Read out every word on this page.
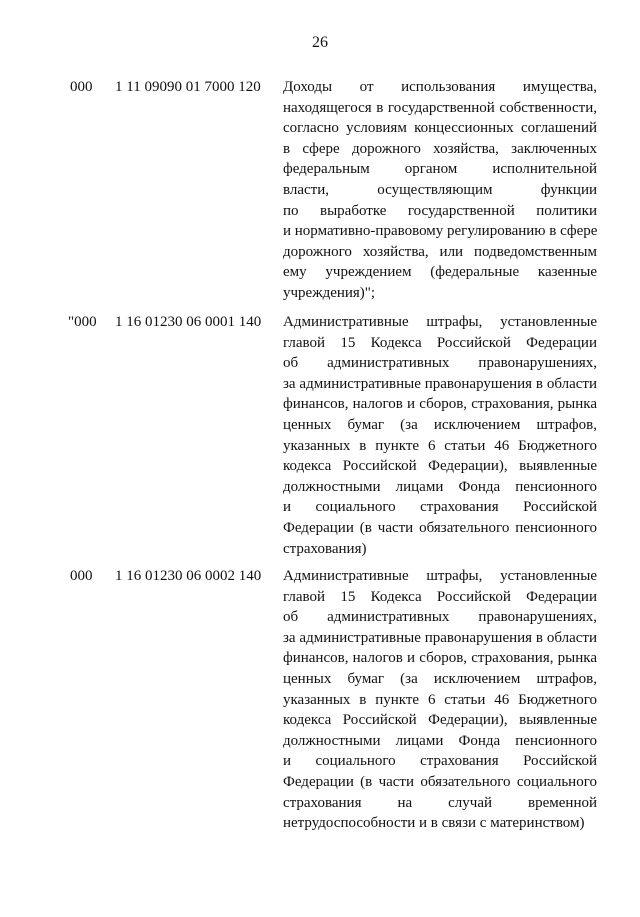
26
000 1 11 09090 01 7000 120 Доходы от использования имущества,
находящегося в государственной собственности,
согласно условиям концессионных соглашений
в сфере дорожного хозяйства, заключенных
федеральным органом исполнительной
власти, осуществляющим функции
по выработке государственной политики
и нормативно-правовому регулированию в сфере
дорожного хозяйства, или подведомственным
ему учреждением (федеральные казенные
учреждения)";
"000 1 16 01230 06 0001 140 Административные штрафы, установленные
главой 15 Кодекса Российской Федерации
об административных правонарушениях,
за административные правонарушения в области
финансов, налогов и сборов, страхования, рынка
ценных бумаг (за исключением штрафов,
указанных в пункте 6 статьи 46 Бюджетного
кодекса Российской Федерации), выявленные
должностными лицами Фонда пенсионного
и социального страхования Российской
Федерации (в части обязательного пенсионного
страхования)
000 1 16 01230 06 0002 140 Административные штрафы, установленные
главой 15 Кодекса Российской Федерации
об административных правонарушениях,
за административные правонарушения в области
финансов, налогов и сборов, страхования, рынка
ценных бумаг (за исключением штрафов,
указанных в пункте 6 статьи 46 Бюджетного
кодекса Российской Федерации), выявленные
должностными лицами Фонда пенсионного
и социального страхования Российской
Федерации (в части обязательного социального
страхования на случай временной
нетрудоспособности и в связи с материнством)
